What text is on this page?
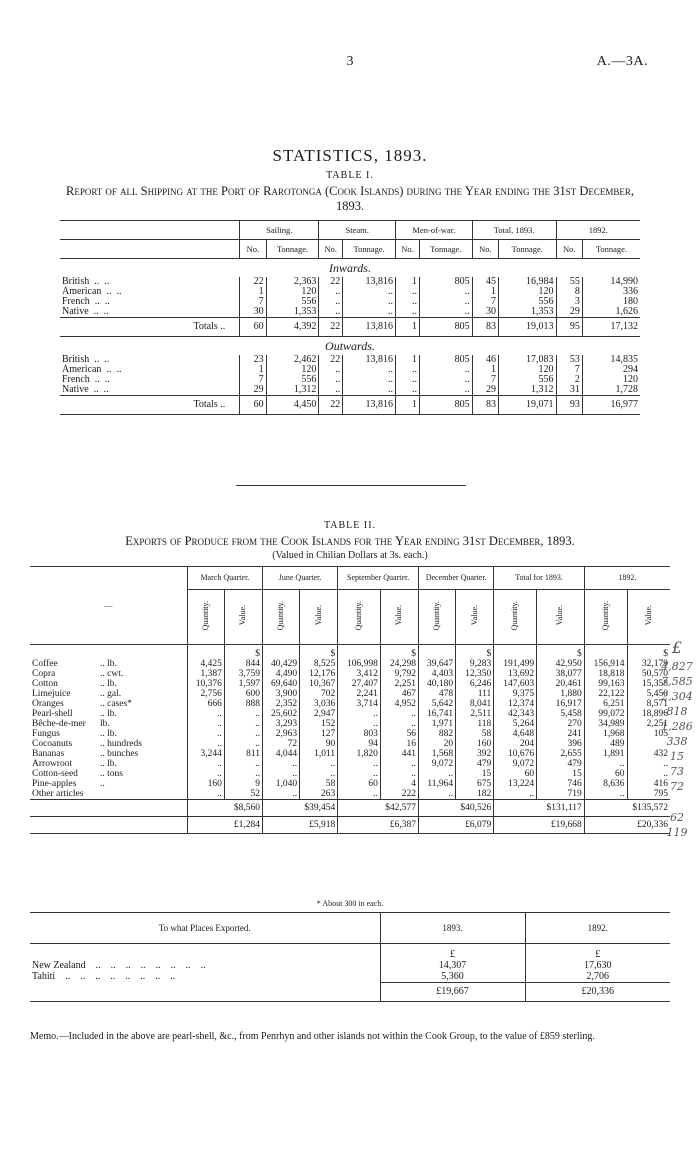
3	A.—3A.
STATISTICS, 1893.
TABLE I.
Report of all Shipping at the Port of Rarotonga (Cook Islands) during the Year ending the 31st December, 1893.
	Sailing.		Steam.		Men-of-war.		Total, 1893.		1892.	
	No.	Tonnage.	No.	Tonnage.	No.	Tonnage.	No.	Tonnage.	No.	Tonnage.
Inwards.										
British  ..  ..	22	2,363	22	13,816	1	805	45	16,984	55	14,990
American  ..  ..	1	120	..	..	..	..	1	120	8	336
French  ..  ..	7	556	..	..	..	..	7	556	3	180
Native  ..  ..	30	1,353	..	..	..	..	30	1,353	29	1,626
Totals ..	60	4,392	22	13,816	1	805	83	19,013	95	17,132
Outwards.										
British  ..  ..	23	2,462	22	13,816	1	805	46	17,083	53	14,835
American  ..  ..	1	120	..	..	..	..	1	120	7	294
French  ..  ..	7	556	..	..	..	..	7	556	2	120
Native  ..  ..	29	1,312	..	..	..	..	29	1,312	31	1,728
Totals ..	60	4,450	22	13,816	1	805	83	19,071	93	16,977
TABLE II.
Exports of Produce from the Cook Islands for the Year ending 31st December, 1893.
(Valued in Chilian Dollars at 3s. each.)
—	March Quarter.		June Quarter.		September Quarter.		December Quarter.		Total for 1893.		1892.	
	Quantity.	Value.	Quantity.	Value.	Quantity.	Value.	Quantity.	Value.	Quantity.	Value.	Quantity.	Value.
		$		$		$		$		$		$
Coffee .. lb.	4,425	844	40,429	8,525	106,998	24,298	39,647	9,283	191,499	42,950	156,914	32,179
Copra .. cwt.	1,387	3,759	4,490	12,176	3,412	9,792	4,403	12,350	13,692	38,077	18,818	50,570
Cotton .. lb.	10,376	1,597	69,640	10,367	27,407	2,251	40,180	6,246	147,603	20,461	99,163	15,358
Limejuice .. gal.	2,756	600	3,900	702	2,241	467	478	111	9,375	1,880	22,122	5,450
Oranges .. cases*	666	888	2,352	3,036	3,714	4,952	5,642	8,041	12,374	16,917	6,251	8,571
Pearl-shell .. lb.	..	..	25,602	2,947	..	..	16,741	2,511	42,343	5,458	99,072	18,896
Bêche-de-mer lb.	..	..	3,293	152	..	..	1,971	118	5,264	270	34,989	2,251
Fungus .. lb.	..	..	2,963	127	803	56	882	58	4,648	241	1,968	105
Cocoanuts .. hundreds	..	..	72	90	94	16	20	160	204	396	489	
Bananas .. bunches	3,244	811	4,044	1,011	1,820	441	1,568	392	10,676	2,655	1,891	432
Arrowroot .. lb.	..	..	..	..	..	..	9,072	479	9,072	479	..	..
Cotton-seed .. tons	..	..	..	..	..	..	..	15	60	15	60	..
Pine-apples ..	160	9	1,040	58	60	4	11,964	675	13,224	746	8,636	416
Other articles	..	52	..	263	..	222	..	182	..	719	..	795
	$8,560		$39,454		$42,577		$40,526		$131,117		$135,572	
	£1,284		£5,918		£6,387		£6,079		£19,668		£20,336	
* About 300 in each.
To what Places Exported.	1893.	1892.
	£	£
New Zealand    ..    ..    ..    ..    ..    ..    ..    ..	14,307	17,630
Tahiti    ..    ..    ..    ..    ..    ..    ..    ..	5,360	2,706
	£19,667	£20,336
Memo.—Included in the above are pearl-shell, &c., from Penrhyn and other islands not within the Cook Group, to the value of £859 sterling.
£
4,827
7,585
2,304
818
1,286
338
15
73
72
62
119
